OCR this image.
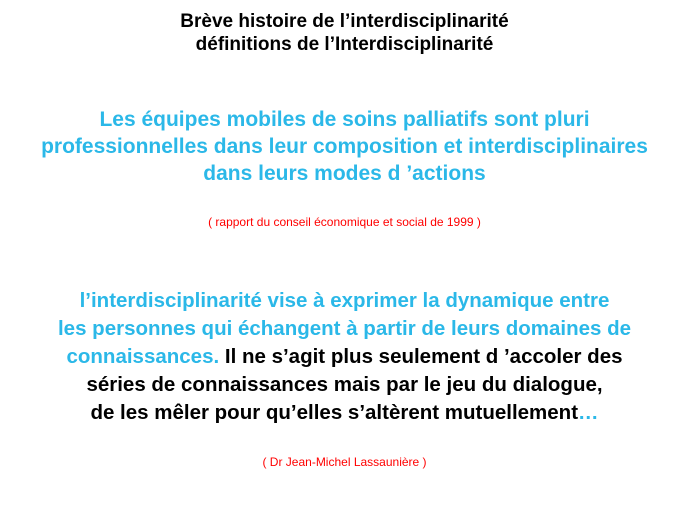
Brève histoire de l’interdisciplinarité
définitions de l’Interdisciplinarité
Les équipes mobiles de soins palliatifs sont pluri
professionnelles dans leur composition et interdisciplinaires
dans leurs modes d ’actions
( rapport du conseil économique et social de 1999 )
l’interdisciplinarité vise à exprimer la dynamique entre
les personnes qui échangent à partir de leurs domaines de
connaissances. Il ne s’agit plus seulement d ’accoler des
séries de connaissances mais par le jeu du dialogue,
de les mêler pour qu’elles s’altèrent mutuellement…
( Dr Jean-Michel Lassaunière )
